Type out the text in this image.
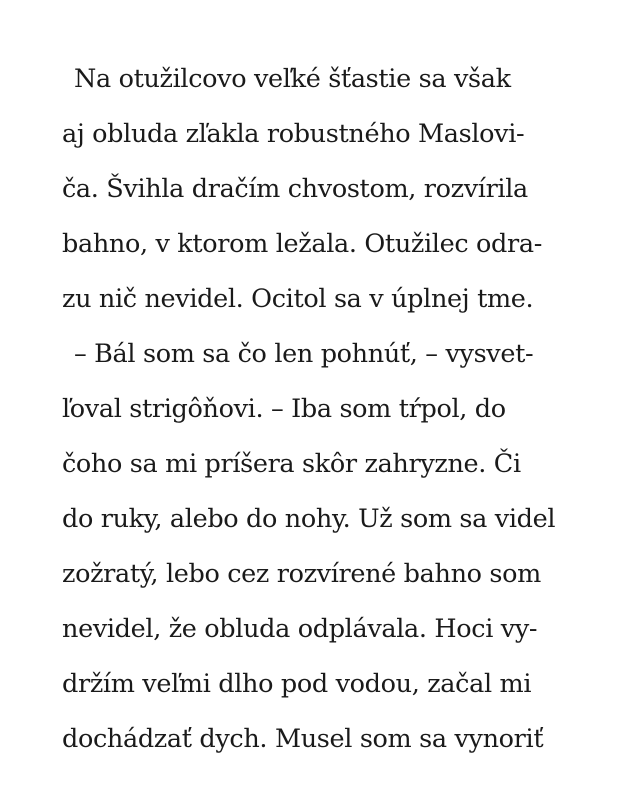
Na otužilcovo veľké šťastie sa však
aj obluda zľakla robustného Maslovi-
ča. Švihla dračím chvostom, rozvírila
bahno, v ktorom ležala. Otužilec odra-
zu nič nevidel. Ocitol sa v úplnej tme.
– Bál som sa čo len pohnúť, – vysvet-
ľoval strigôňovi. – Iba som tŕpol, do
čoho sa mi príšera skôr zahryzne. Či
do ruky, alebo do nohy. Už som sa videl
zožratý, lebo cez rozvírené bahno som
nevidel, že obluda odplávala. Hoci vy-
držím veľmi dlho pod vodou, začal mi
dochádzať dych. Musel som sa vynoriť
